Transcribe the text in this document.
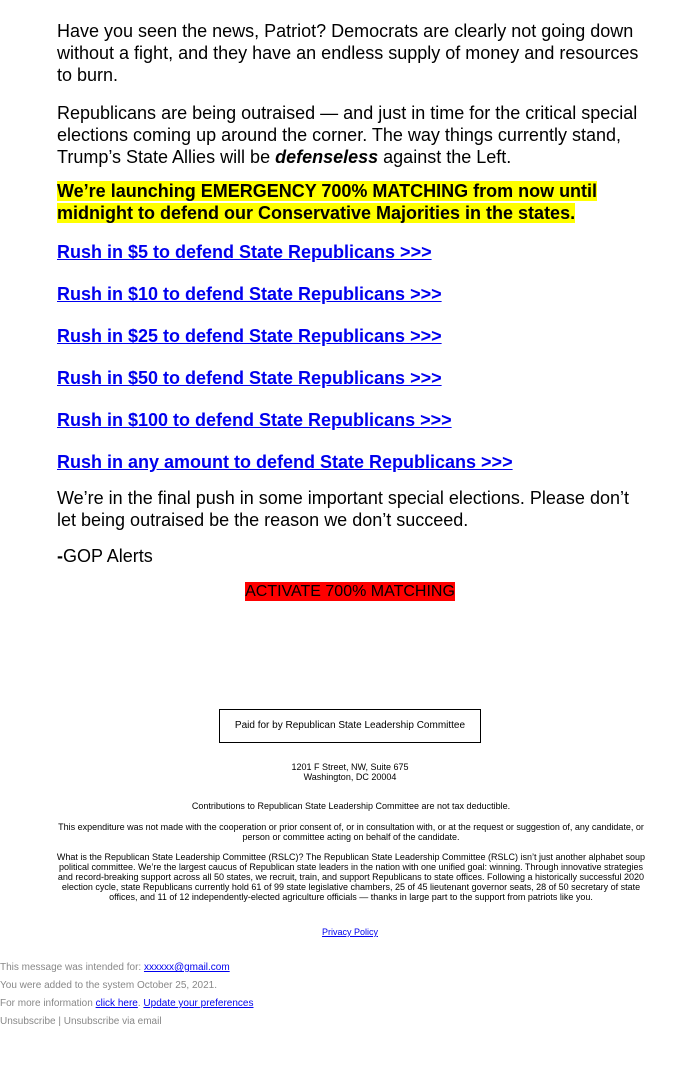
Have you seen the news, Patriot? Democrats are clearly not going down without a fight, and they have an endless supply of money and resources to burn.

Republicans are being outraised — and just in time for the critical special elections coming up around the corner. The way things currently stand, Trump’s State Allies will be defenseless against the Left.

We’re launching EMERGENCY 700% MATCHING from now until midnight to defend our Conservative Majorities in the states.

Rush in $5 to defend State Republicans >>>
Rush in $10 to defend State Republicans >>>
Rush in $25 to defend State Republicans >>>
Rush in $50 to defend State Republicans >>>
Rush in $100 to defend State Republicans >>>
Rush in any amount to defend State Republicans >>>

We’re in the final push in some important special elections. Please don’t let being outraised be the reason we don’t succeed.

-GOP Alerts

ACTIVATE 700% MATCHING
Paid for by Republican State Leadership Committee
1201 F Street, NW, Suite 675
Washington, DC 20004
Contributions to Republican State Leadership Committee are not tax deductible.
This expenditure was not made with the cooperation or prior consent of, or in consultation with, or at the request or suggestion of, any candidate, or person or committee acting on behalf of the candidate.
What is the Republican State Leadership Committee (RSLC)? The Republican State Leadership Committee (RSLC) isn’t just another alphabet soup political committee. We’re the largest caucus of Republican state leaders in the nation with one unified goal: winning. Through innovative strategies and record-breaking support across all 50 states, we recruit, train, and support Republicans to state offices. Following a historically successful 2020 election cycle, state Republicans currently hold 61 of 99 state legislative chambers, 25 of 45 lieutenant governor seats, 28 of 50 secretary of state offices, and 11 of 12 independently-elected agriculture officials — thanks in large part to the support from patriots like you.
Privacy Policy
This message was intended for: xxxxxx@gmail.com
You were added to the system October 25, 2021.
For more information click here. Update your preferences
Unsubscribe | Unsubscribe via email
